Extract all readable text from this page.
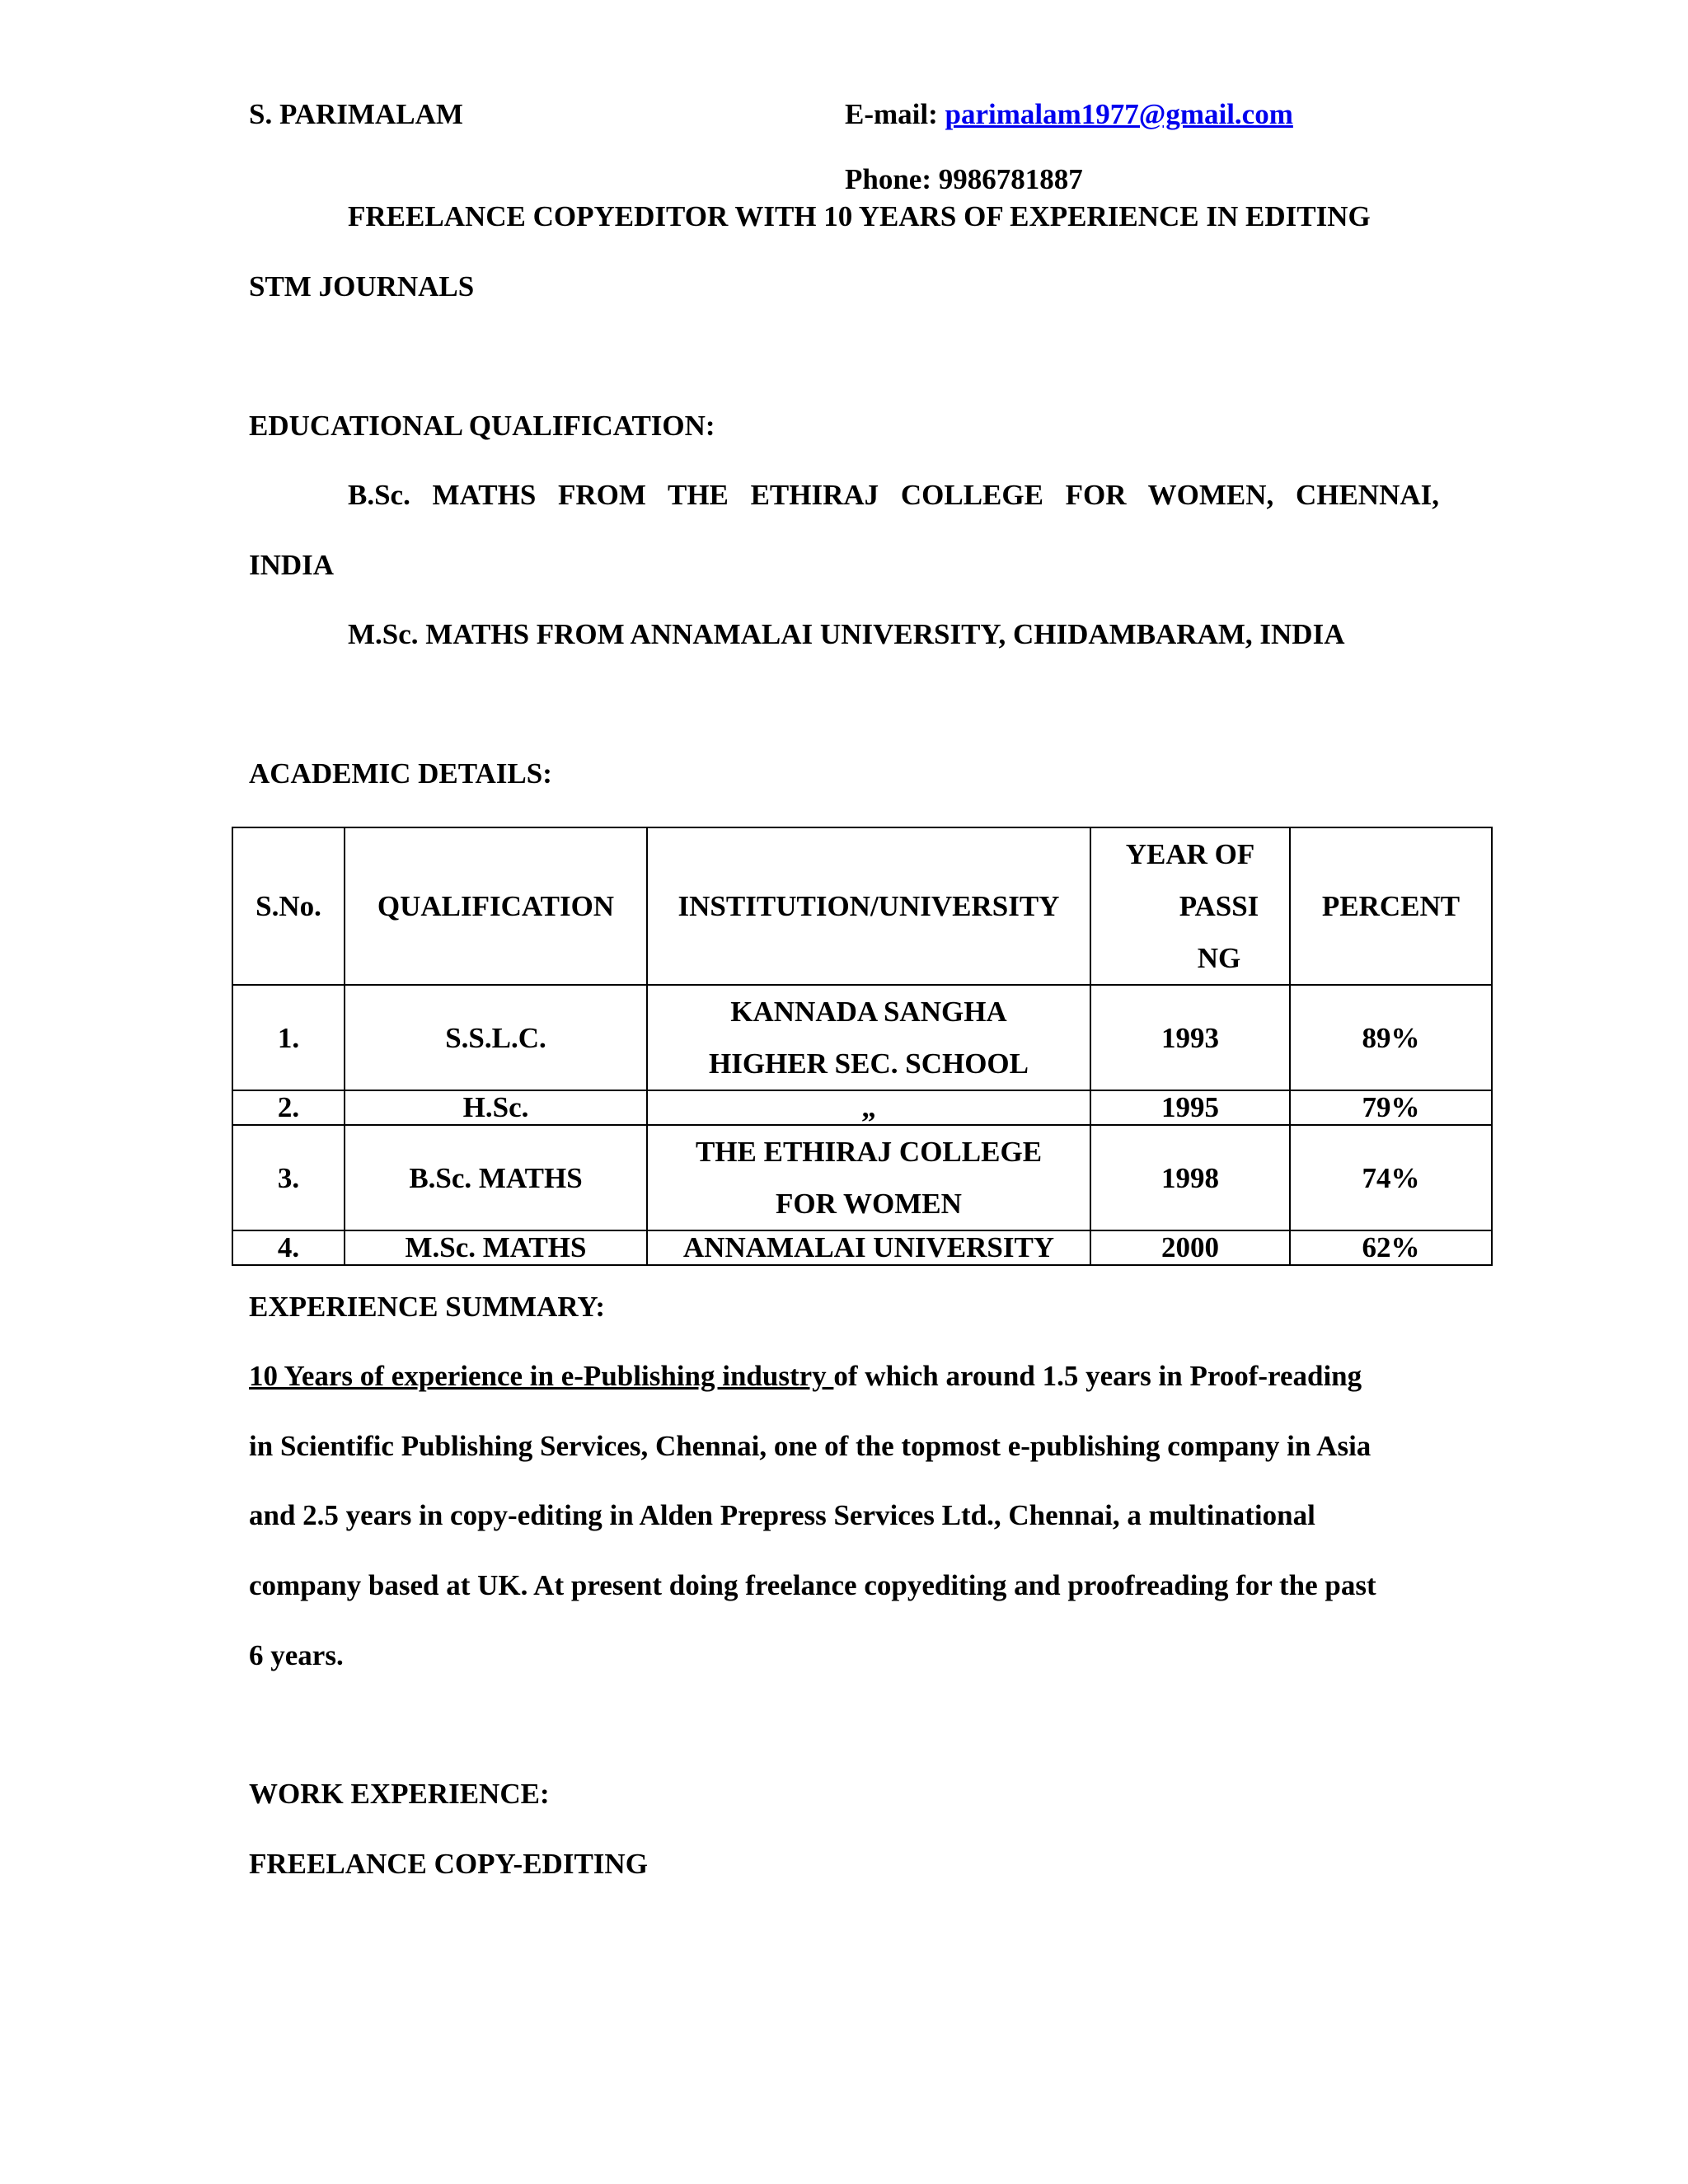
S. PARIMALAM	E-mail: parimalam1977@gmail.com
Phone: 9986781887
FREELANCE COPYEDITOR WITH 10 YEARS OF EXPERIENCE IN EDITING
STM JOURNALS
EDUCATIONAL QUALIFICATION:
B.Sc. MATHS FROM THE ETHIRAJ COLLEGE FOR WOMEN, CHENNAI,
INDIA
M.Sc. MATHS FROM ANNAMALAI UNIVERSITY, CHIDAMBARAM, INDIA
ACADEMIC DETAILS:
S.No.	QUALIFICATION	INSTITUTION/UNIVERSITY	YEAR OF
PASSI
NG	PERCENT
1.	S.S.L.C.	KANNADA SANGHA
HIGHER SEC. SCHOOL	1993	89%
2.	H.Sc.	„	1995	79%
3.	B.Sc. MATHS	THE ETHIRAJ COLLEGE
FOR WOMEN	1998	74%
4.	M.Sc. MATHS	ANNAMALAI UNIVERSITY	2000	62%
EXPERIENCE SUMMARY:
10 Years of experience in e-Publishing industry of which around 1.5 years in Proof-reading
in Scientific Publishing Services, Chennai, one of the topmost e-publishing company in Asia
and 2.5 years in copy-editing in Alden Prepress Services Ltd., Chennai, a multinational
company based at UK. At present doing freelance copyediting and proofreading for the past
6 years.
WORK EXPERIENCE:
FREELANCE COPY-EDITING
